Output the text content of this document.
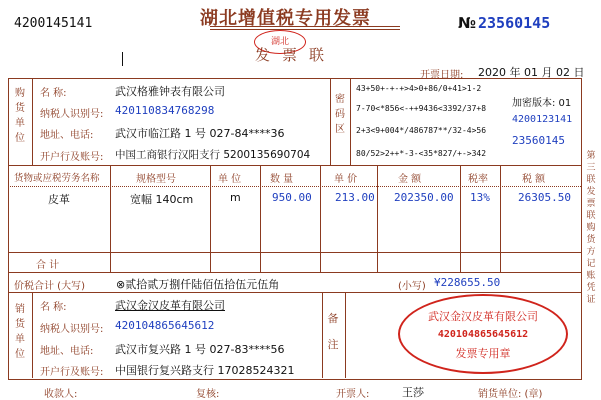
4200145141	湖北增值税专用发票
湖北
发票联
№ 23560145
开票日期: 2020 年 01 月 02 日
购货单位
名 称:	武汉格雅钟表有限公司
纳税人识别号: 420110834768298
地址、电话: 武汉市临江路 1 号 027-84****36
开户行及账号: 中国工商银行汉阳支行 5200135690704
密码区
43+50+-+-+>4>0+86/0+41>1-2
7-70<*856<-++9436<3392/37+8
2+3<9+004*/486787**/32-4>56
80/52>2++*-3-<35*827/+->342
加密版本: 01
4200123141
23560145
货物或应税劳务名称	规格型号	单 位	数 量	单 价	金 额	税率	税 额
皮革	宽幅 140cm	m	950.00 213.00 202350.00 13%	26305.50
合 计
价税合计 (大写)	⊗贰拾贰万捌仟陆佰伍拾伍元伍角	(小写) ¥228655.50
销货单位
名 称:	武汉金汉皮革有限公司
纳税人识别号: 420104865645612
地址、电话: 武汉市复兴路 1 号 027-83****56
开户行及账号: 中国银行复兴路支行 17028524321
备注
武汉金汉皮革有限公司
420104865645612
发票专用章
收款人:	复核:	开票人:	王莎	销货单位: (章)
第三联 发票联 购货方记账凭证
